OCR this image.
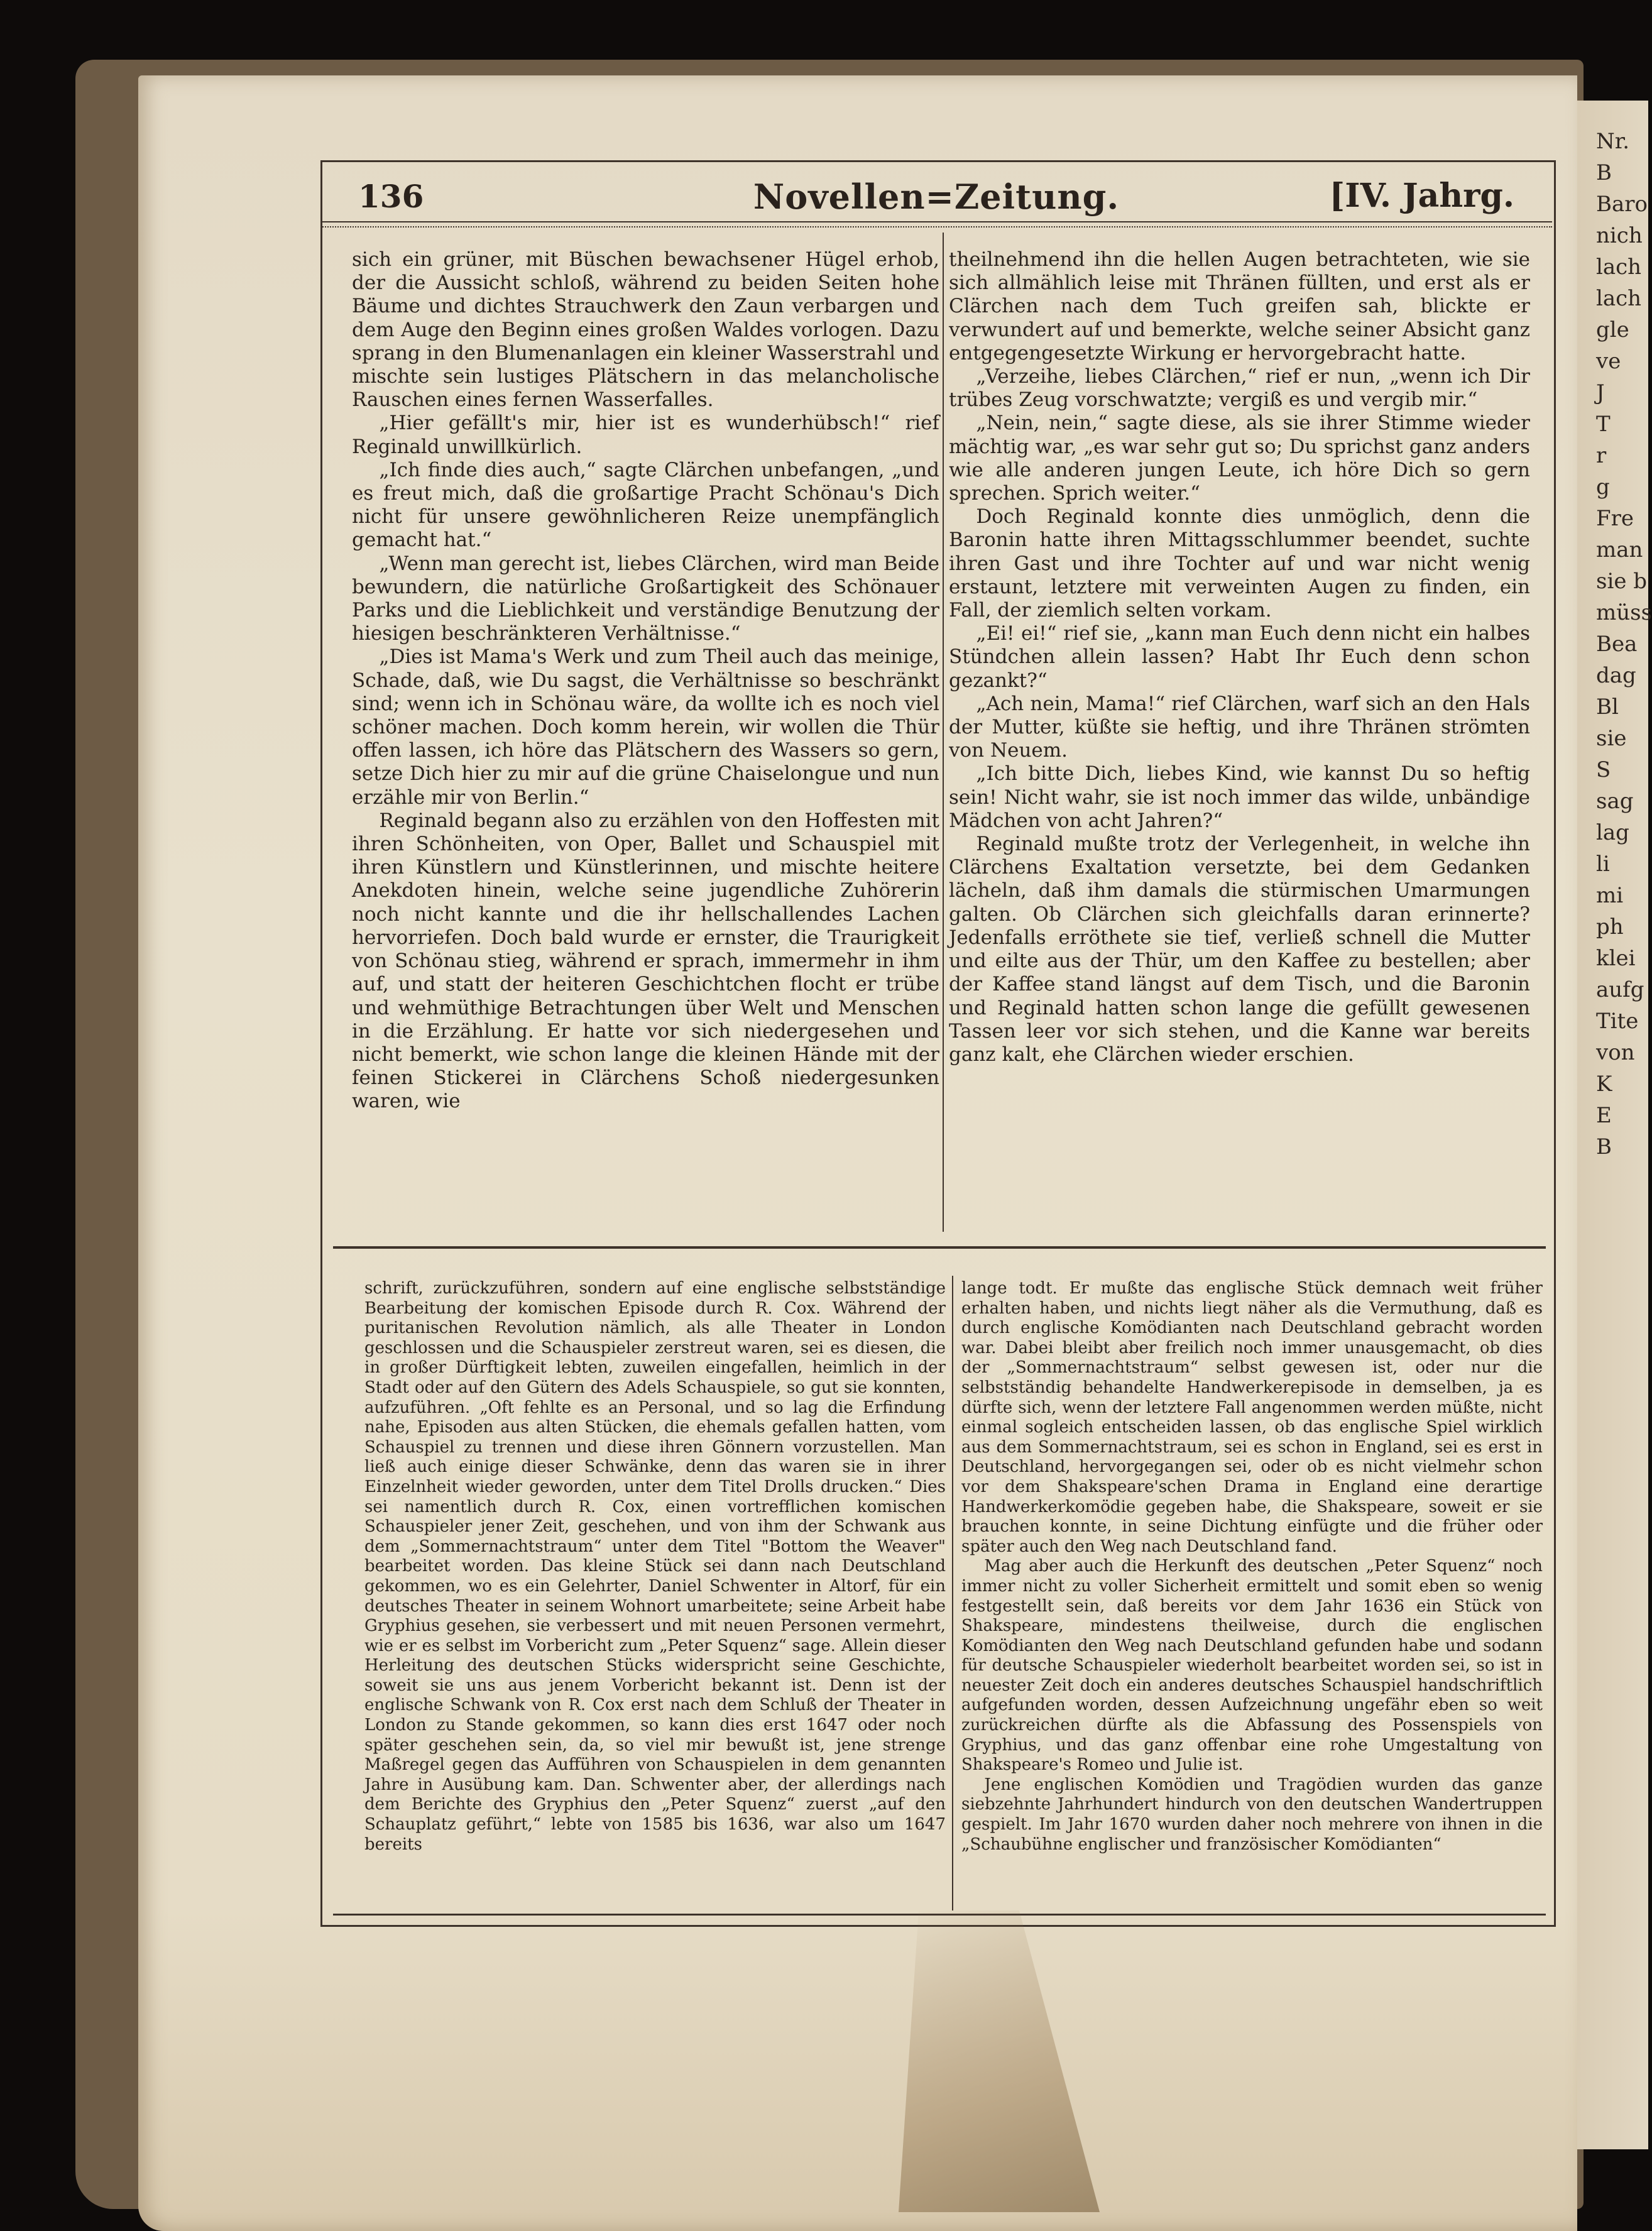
Nr.
B
Baro
nich
lach
lach
gle
ve
J
T
r
g
Fre
man
sie b
müss
Bea
dag
Bl
sie
S
sag
lag
li
mi
ph
klei
aufg
Tite
von
K
E
B
136	Novellen=Zeitung.	[IV. Jahrg.

sich ein grüner, mit Büschen bewachsener Hügel erhob, der die Aussicht schloß, während zu beiden Seiten hohe Bäume und dichtes Strauchwerk den Zaun verbargen und dem Auge den Beginn eines großen Waldes vorlogen. Dazu sprang in den Blumenanlagen ein kleiner Wasserstrahl und mischte sein lustiges Plätschern in das melancholische Rauschen eines fernen Wasserfalles.

„Hier gefällt's mir, hier ist es wunderhübsch!“ rief Reginald unwillkürlich.

„Ich finde dies auch,“ sagte Clärchen unbefangen, „und es freut mich, daß die großartige Pracht Schönau's Dich nicht für unsere gewöhnlicheren Reize unempfänglich gemacht hat.“

„Wenn man gerecht ist, liebes Clärchen, wird man Beide bewundern, die natürliche Großartigkeit des Schönauer Parks und die Lieblichkeit und verständige Benutzung der hiesigen beschränkteren Verhältnisse.“

„Dies ist Mama's Werk und zum Theil auch das meinige, Schade, daß, wie Du sagst, die Verhältnisse so beschränkt sind; wenn ich in Schönau wäre, da wollte ich es noch viel schöner machen. Doch komm herein, wir wollen die Thür offen lassen, ich höre das Plätschern des Wassers so gern, setze Dich hier zu mir auf die grüne Chaiselongue und nun erzähle mir von Berlin.“

Reginald begann also zu erzählen von den Hoffesten mit ihren Schönheiten, von Oper, Ballet und Schauspiel mit ihren Künstlern und Künstlerinnen, und mischte heitere Anekdoten hinein, welche seine jugendliche Zuhörerin noch nicht kannte und die ihr hellschallendes Lachen hervorriefen. Doch bald wurde er ernster, die Traurigkeit von Schönau stieg, während er sprach, immermehr in ihm auf, und statt der heiteren Geschichtchen flocht er trübe und wehmüthige Betrachtungen über Welt und Menschen in die Erzählung. Er hatte vor sich niedergesehen und nicht bemerkt, wie schon lange die kleinen Hände mit der feinen Stickerei in Clärchens Schoß niedergesunken waren, wie

theilnehmend ihn die hellen Augen betrachteten, wie sie sich allmählich leise mit Thränen füllten, und erst als er Clärchen nach dem Tuch greifen sah, blickte er verwundert auf und bemerkte, welche seiner Absicht ganz entgegengesetzte Wirkung er hervorgebracht hatte.

„Verzeihe, liebes Clärchen,“ rief er nun, „wenn ich Dir trübes Zeug vorschwatzte; vergiß es und vergib mir.“

„Nein, nein,“ sagte diese, als sie ihrer Stimme wieder mächtig war, „es war sehr gut so; Du sprichst ganz anders wie alle anderen jungen Leute, ich höre Dich so gern sprechen. Sprich weiter.“

Doch Reginald konnte dies unmöglich, denn die Baronin hatte ihren Mittagsschlummer beendet, suchte ihren Gast und ihre Tochter auf und war nicht wenig erstaunt, letztere mit verweinten Augen zu finden, ein Fall, der ziemlich selten vorkam.

„Ei! ei!“ rief sie, „kann man Euch denn nicht ein halbes Stündchen allein lassen? Habt Ihr Euch denn schon gezankt?“

„Ach nein, Mama!“ rief Clärchen, warf sich an den Hals der Mutter, küßte sie heftig, und ihre Thränen strömten von Neuem.

„Ich bitte Dich, liebes Kind, wie kannst Du so heftig sein! Nicht wahr, sie ist noch immer das wilde, unbändige Mädchen von acht Jahren?“

Reginald mußte trotz der Verlegenheit, in welche ihn Clärchens Exaltation versetzte, bei dem Gedanken lächeln, daß ihm damals die stürmischen Umarmungen galten. Ob Clärchen sich gleichfalls daran erinnerte? Jedenfalls erröthete sie tief, verließ schnell die Mutter und eilte aus der Thür, um den Kaffee zu bestellen; aber der Kaffee stand längst auf dem Tisch, und die Baronin und Reginald hatten schon lange die gefüllt gewesenen Tassen leer vor sich stehen, und die Kanne war bereits ganz kalt, ehe Clärchen wieder erschien.

schrift, zurückzuführen, sondern auf eine englische selbstständige Bearbeitung der komischen Episode durch R. Cox. Während der puritanischen Revolution nämlich, als alle Theater in London geschlossen und die Schauspieler zerstreut waren, sei es diesen, die in großer Dürftigkeit lebten, zuweilen eingefallen, heimlich in der Stadt oder auf den Gütern des Adels Schauspiele, so gut sie konnten, aufzuführen. „Oft fehlte es an Personal, und so lag die Erfindung nahe, Episoden aus alten Stücken, die ehemals gefallen hatten, vom Schauspiel zu trennen und diese ihren Gönnern vorzustellen. Man ließ auch einige dieser Schwänke, denn das waren sie in ihrer Einzelnheit wieder geworden, unter dem Titel Drolls drucken.“ Dies sei namentlich durch R. Cox, einen vortrefflichen komischen Schauspieler jener Zeit, geschehen, und von ihm der Schwank aus dem „Sommernachtstraum“ unter dem Titel "Bottom the Weaver" bearbeitet worden. Das kleine Stück sei dann nach Deutschland gekommen, wo es ein Gelehrter, Daniel Schwenter in Altorf, für ein deutsches Theater in seinem Wohnort umarbeitete; seine Arbeit habe Gryphius gesehen, sie verbessert und mit neuen Personen vermehrt, wie er es selbst im Vorbericht zum „Peter Squenz“ sage. Allein dieser Herleitung des deutschen Stücks widerspricht seine Geschichte, soweit sie uns aus jenem Vorbericht bekannt ist. Denn ist der englische Schwank von R. Cox erst nach dem Schluß der Theater in London zu Stande gekommen, so kann dies erst 1647 oder noch später geschehen sein, da, so viel mir bewußt ist, jene strenge Maßregel gegen das Aufführen von Schauspielen in dem genannten Jahre in Ausübung kam. Dan. Schwenter aber, der allerdings nach dem Berichte des Gryphius den „Peter Squenz“ zuerst „auf den Schauplatz geführt,“ lebte von 1585 bis 1636, war also um 1647 bereits

lange todt. Er mußte das englische Stück demnach weit früher erhalten haben, und nichts liegt näher als die Vermuthung, daß es durch englische Komödianten nach Deutschland gebracht worden war. Dabei bleibt aber freilich noch immer unausgemacht, ob dies der „Sommernachtstraum“ selbst gewesen ist, oder nur die selbstständig behandelte Handwerkerepisode in demselben, ja es dürfte sich, wenn der letztere Fall angenommen werden müßte, nicht einmal sogleich entscheiden lassen, ob das englische Spiel wirklich aus dem Sommernachtstraum, sei es schon in England, sei es erst in Deutschland, hervorgegangen sei, oder ob es nicht vielmehr schon vor dem Shakspeare'schen Drama in England eine derartige Handwerkerkomödie gegeben habe, die Shakspeare, soweit er sie brauchen konnte, in seine Dichtung einfügte und die früher oder später auch den Weg nach Deutschland fand.

Mag aber auch die Herkunft des deutschen „Peter Squenz“ noch immer nicht zu voller Sicherheit ermittelt und somit eben so wenig festgestellt sein, daß bereits vor dem Jahr 1636 ein Stück von Shakspeare, mindestens theilweise, durch die englischen Komödianten den Weg nach Deutschland gefunden habe und sodann für deutsche Schauspieler wiederholt bearbeitet worden sei, so ist in neuester Zeit doch ein anderes deutsches Schauspiel handschriftlich aufgefunden worden, dessen Aufzeichnung ungefähr eben so weit zurückreichen dürfte als die Abfassung des Possenspiels von Gryphius, und das ganz offenbar eine rohe Umgestaltung von Shakspeare's Romeo und Julie ist.

Jene englischen Komödien und Tragödien wurden das ganze siebzehnte Jahrhundert hindurch von den deutschen Wandertruppen gespielt. Im Jahr 1670 wurden daher noch mehrere von ihnen in die „Schaubühne englischer und französischer Komödianten“
